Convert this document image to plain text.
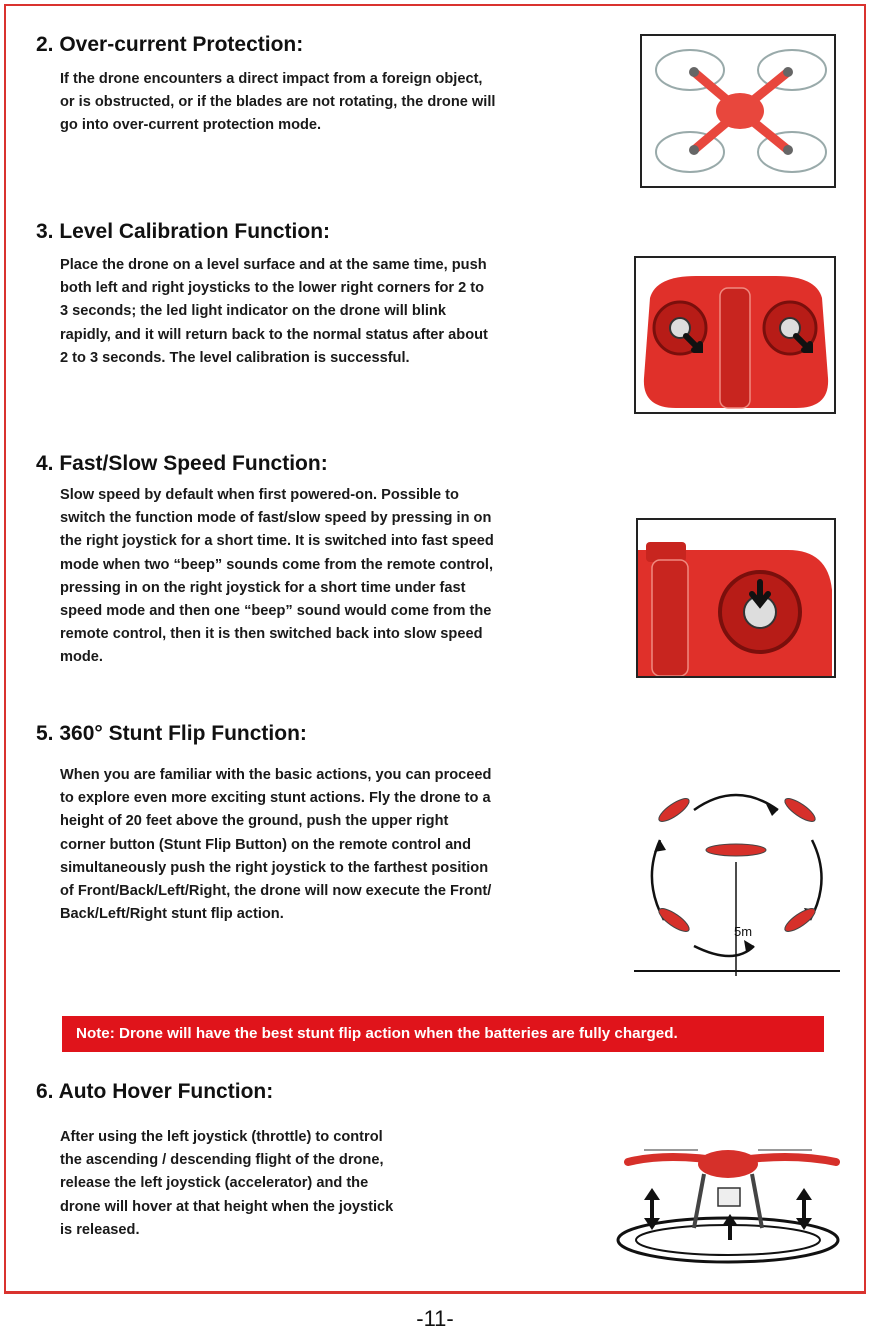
2. Over-current Protection:
If the drone encounters a direct impact from a foreign object,
or is obstructed, or if the blades are not rotating, the drone will
go into over-current protection mode.
3. Level Calibration Function:
Place the drone on a level surface and at the same time, push
both left and right joysticks to the lower right corners for 2 to
3 seconds; the led light indicator on the drone will blink
rapidly, and it will return back to the normal status after about
2 to 3 seconds. The level calibration is successful.
4. Fast/Slow Speed Function:
Slow speed by default when first powered-on. Possible to
switch the function mode of fast/slow speed by pressing in on
the right joystick for a short time. It is switched into fast speed
mode when two “beep” sounds come from the remote control,
pressing in on the right joystick for a short time under fast
speed mode and then one “beep” sound would come from the
remote control, then it is then switched back into slow speed
mode.
5. 360° Stunt Flip Function:
When you are familiar with the basic actions, you can proceed
to explore even more exciting stunt actions. Fly the drone to a
height of 20 feet above the ground, push the upper right
corner button (Stunt Flip Button) on the remote control and
simultaneously push the right joystick to the farthest position
of Front/Back/Left/Right, the drone will now execute the Front/
Back/Left/Right stunt flip action.
5m
Note: Drone will have the best stunt flip action when the batteries are fully charged.
6. Auto Hover Function:
After using the left joystick (throttle) to control
the ascending / descending flight of the drone,
release the left joystick (accelerator) and the
drone will hover at that height when the joystick
is released.
-11-
